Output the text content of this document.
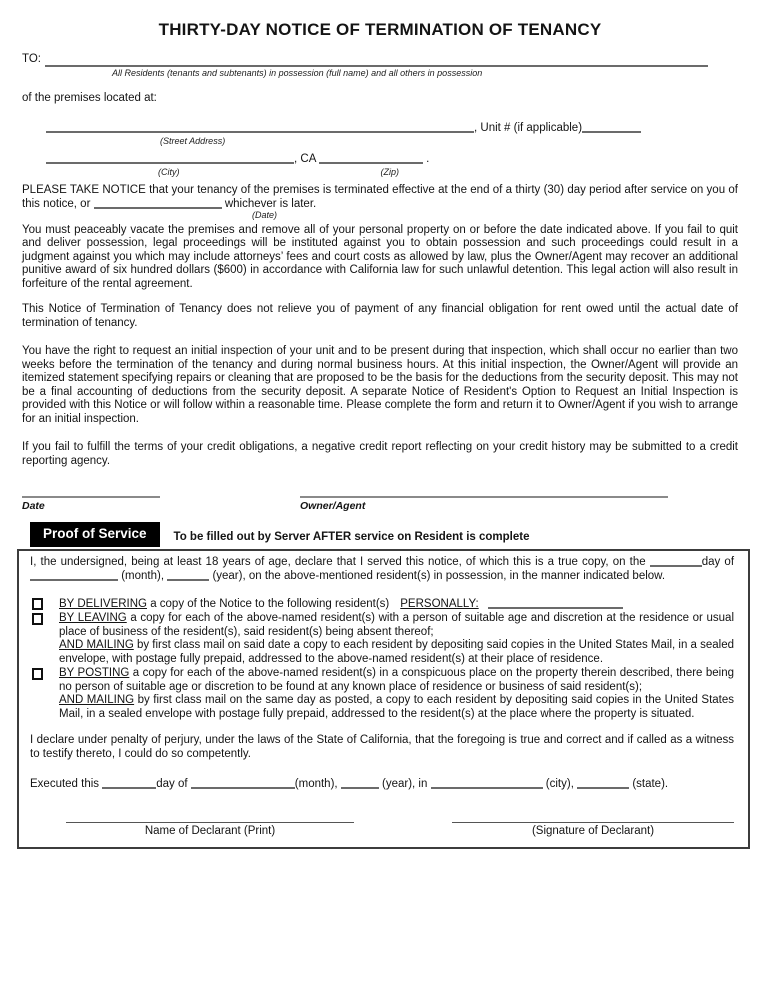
THIRTY-DAY NOTICE OF TERMINATION OF TENANCY
TO:
All Residents (tenants and subtenants) in possession (full name) and all others in possession
of the premises located at:
, Unit # (if applicable)
(Street Address)
, CA	.
(City)	(Zip)

PLEASE TAKE NOTICE that your tenancy of the premises is terminated effective at the end of a thirty (30) day period after service on you of this notice, or	whichever is later.

(Date)

You must peaceably vacate the premises and remove all of your personal property on or before the date indicated above. If you fail to quit and deliver possession, legal proceedings will be instituted against you to obtain possession and such proceedings could result in a judgment against you which may include attorneys’ fees and court costs as allowed by law, plus the Owner/Agent may recover an additional punitive award of six hundred dollars ($600) in accordance with California law for such unlawful detention. This legal action will also result in forfeiture of the rental agreement.

This Notice of Termination of Tenancy does not relieve you of payment of any financial obligation for rent owed until the actual date of termination of tenancy.

You have the right to request an initial inspection of your unit and to be present during that inspection, which shall occur no earlier than two weeks before the termination of the tenancy and during normal business hours. At this initial inspection, the Owner/Agent will provide an itemized statement specifying repairs or cleaning that are proposed to be the basis for the deductions from the security deposit. This may not be a final accounting of deductions from the security deposit. A separate Notice of Resident's Option to Request an Initial Inspection is provided with this Notice or will follow within a reasonable time. Please complete the form and return it to Owner/Agent if you wish to arrange for an initial inspection.

If you fail to fulfill the terms of your credit obligations, a negative credit report reflecting on your credit history may be submitted to a credit reporting agency.

Date	Owner/Agent
Proof of Service	To be filled out by Server AFTER service on Resident is complete

I, the undersigned, being at least 18 years of age, declare that I served this notice, of which this is a true copy, on the	day of  (month),	(year), on the above-mentioned resident(s) in possession, in the manner indicated below.

BY DELIVERING a copy of the Notice to the following resident(s) PERSONALLY:
BY LEAVING a copy for each of the above-named resident(s) with a person of suitable age and discretion at the residence or usual place of business of the resident(s), said resident(s) being absent thereof;
AND MAILING by first class mail on said date a copy to each resident by depositing said copies in the United States Mail, in a sealed envelope, with postage fully prepaid, addressed to the above-named resident(s) at their place of residence.
BY POSTING a copy for each of the above-named resident(s) in a conspicuous place on the property therein described, there being no person of suitable age or discretion to be found at any known place of residence or business of said resident(s);
AND MAILING by first class mail on the same day as posted, a copy to each resident by depositing said copies in the United States Mail, in a sealed envelope with postage fully prepaid, addressed to the resident(s) at the place where the property is situated.

I declare under penalty of perjury, under the laws of the State of California, that the foregoing is true and correct and if called as a witness to testify thereto, I could do so competently.

Executed this	day of	(month),	(year), in	(city),	(state).

Name of Declarant (Print)	(Signature of Declarant)
